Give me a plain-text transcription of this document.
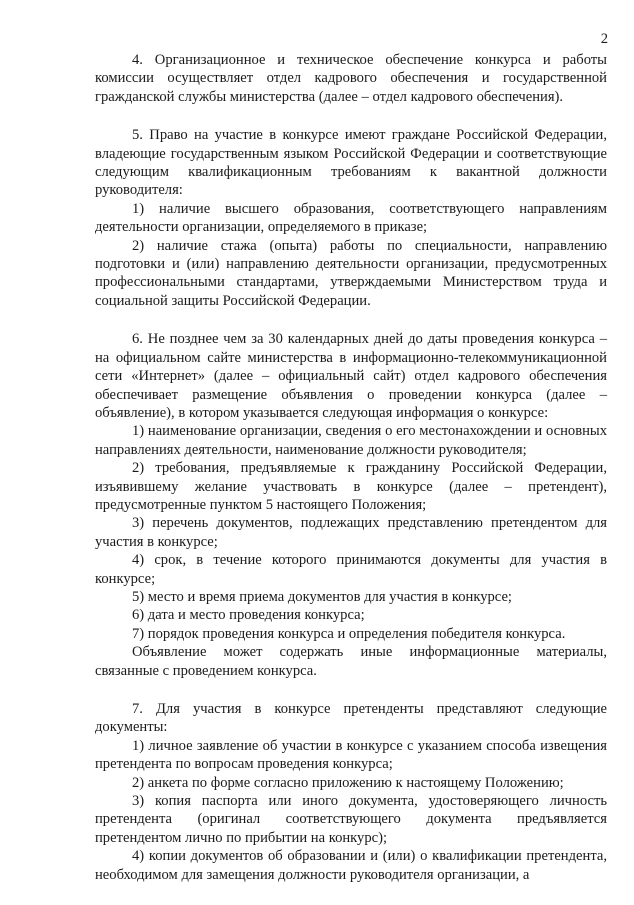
2

4. Организационное и техническое обеспечение конкурса и работы комиссии осуществляет отдел кадрового обеспечения и государственной гражданской службы министерства (далее – отдел кадрового обеспечения).

5. Право на участие в конкурсе имеют граждане Российской Федерации, владеющие государственным языком Российской Федерации и соответствующие следующим квалификационным требованиям к вакантной должности руководителя:

1) наличие высшего образования, соответствующего направлениям деятельности организации, определяемого в приказе;

2) наличие стажа (опыта) работы по специальности, направлению подготовки и (или) направлению деятельности организации, предусмотренных профессиональными стандартами, утверждаемыми Министерством труда и социальной защиты Российской Федерации.

6. Не позднее чем за 30 календарных дней до даты проведения конкурса – на официальном сайте министерства в информационно-телекоммуникационной сети «Интернет» (далее – официальный сайт) отдел кадрового обеспечения обеспечивает размещение объявления о проведении конкурса (далее – объявление), в котором указывается следующая информация о конкурсе:

1) наименование организации, сведения о его местонахождении и основных направлениях деятельности, наименование должности руководителя;

2) требования, предъявляемые к гражданину Российской Федерации, изъявившему желание участвовать в конкурсе (далее – претендент), предусмотренные пунктом 5 настоящего Положения;

3) перечень документов, подлежащих представлению претендентом для участия в конкурсе;

4) срок, в течение которого принимаются документы для участия в конкурсе;

5) место и время приема документов для участия в конкурсе;

6) дата и место проведения конкурса;

7) порядок проведения конкурса и определения победителя конкурса.

Объявление может содержать иные информационные материалы, связанные с проведением конкурса.

7. Для участия в конкурсе претенденты представляют следующие документы:

1) личное заявление об участии в конкурсе с указанием способа извещения претендента по вопросам проведения конкурса;

2) анкета по форме согласно приложению к настоящему Положению;

3) копия паспорта или иного документа, удостоверяющего личность претендента (оригинал соответствующего документа предъявляется претендентом лично по прибытии на конкурс);

4) копии документов об образовании и (или) о квалификации претендента, необходимом для замещения должности руководителя организации, а
